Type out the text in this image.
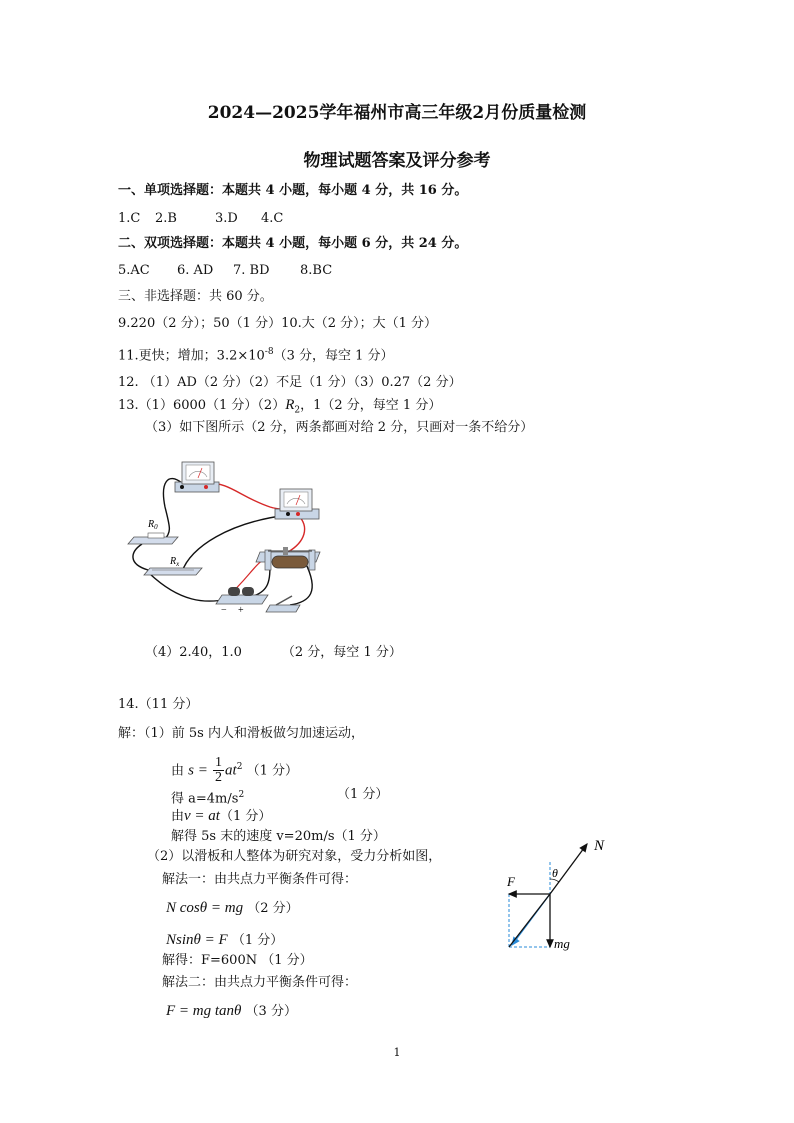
2024—2025学年福州市高三年级2月份质量检测
物理试题答案及评分参考
一、单项选择题：本题共 4 小题，每小题 4 分，共 16 分。
1.C 2.B	3.D 4.C
二、双项选择题：本题共 4 小题，每小题 6 分，共 24 分。
5.AC 6. AD 7. BD 8.BC
三、非选择题：共 60 分。
9.220（2 分）；50（1 分）10.大（2 分）；大（1 分）
11.更快；增加；$3.2\times 10^{-8}(3$ 分，每空 1 分）
12. （1）AD（2 分）（2）不足（1 分）（3）0.27（2 分）
13.（1）6000（1 分）$(2)R_2$，1（2 分，每空 1 分）
（3）如下图所示（2 分，两条都画对给 2 分，只画对一条不给分）
$R_0$
$R_x$
− +
（4）2.40，1.0	（2 分，每空 1 分）
14.（11 分）
解：（1）前 5s 内人和滑板做匀加速运动，
由 $s = \frac{1}{2} at^2$ （1 分）
得 $a=4m/s^2$	（1 分）
由v = at（1 分）
解得 5s 末的速度 v=20m/s（1 分）
（2）以滑板和人整体为研究对象，受力分析如图，
解法一：由共点力平衡条件可得：
N cosθ = mg （2 分）
Nsinθ = F （1 分）
解得：F=600N （1 分）
解法二：由共点力平衡条件可得：
F = mg tanθ （3 分）
N
F
θ
mg
1
